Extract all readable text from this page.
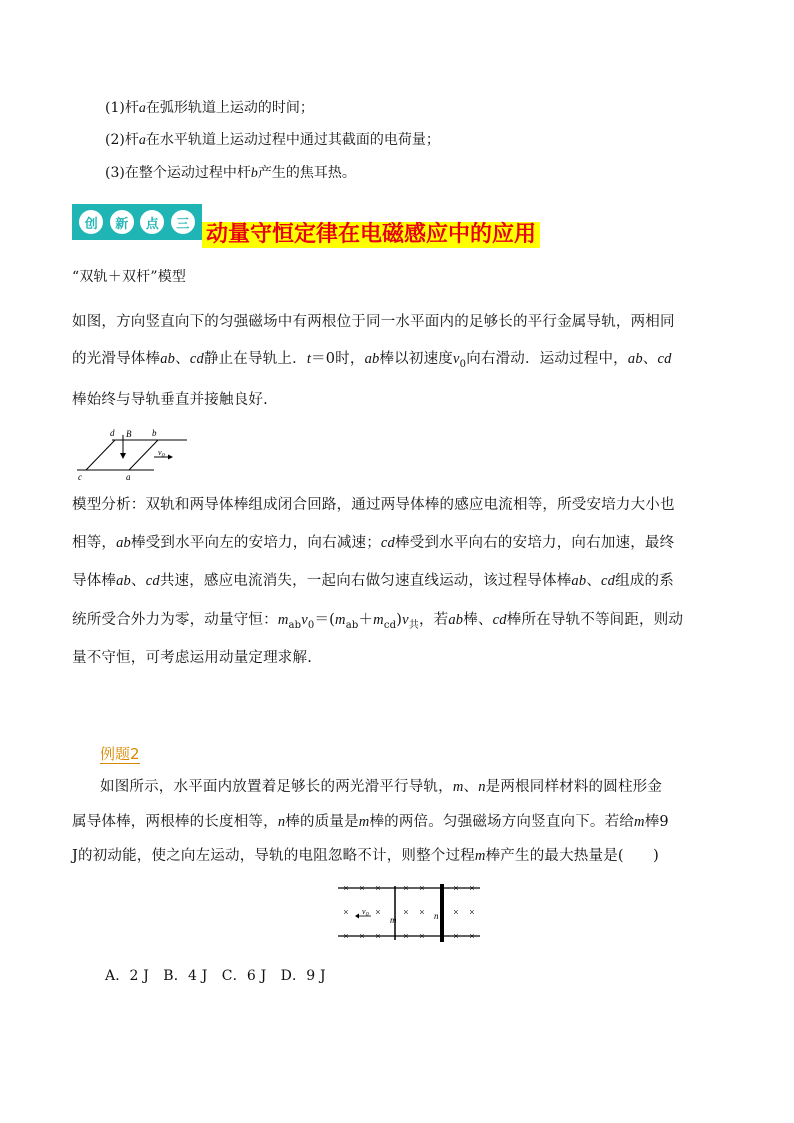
(1)杆a在弧形轨道上运动的时间；
(2)杆a在水平轨道上运动过程中通过其截面的电荷量；
(3)在整个运动过程中杆b产生的焦耳热。
创	新	点	三 动量守恒定律在电磁感应中的应用
“双轨＋双杆”模型
如图，方向竖直向下的匀强磁场中有两根位于同一水平面内的足够长的平行金属导轨，两相同
的光滑导体棒ab、cd静止在导轨上．t＝0时，ab棒以初速度$v_0$向右滑动．运动过程中，ab、cd
棒始终与导轨垂直并接触良好.
d B b
$v_0$
c	a
模型分析：双轨和两导体棒组成闭合回路，通过两导体棒的感应电流相等，所受安培力大小也
相等，ab棒受到水平向左的安培力，向右减速；cd棒受到水平向右的安培力，向右加速，最终
导体棒ab、cd共速，感应电流消失，一起向右做匀速直线运动，该过程导体棒ab、cd组成的系
统所受合外力为零，动量守恒：$m_{ab}v_0=(m_{ab}+m_{cd})v_共$，若ab棒、cd棒所在导轨不等间距，则动
量不守恒，可考虑运用动量定理求解.
例题2
如图所示，水平面内放置着足够长的两光滑平行导轨，m、n是两根同样材料的圆柱形金
属导体棒，两根棒的长度相等，n棒的质量是m棒的两倍。匀强磁场方向竖直向下。若给m棒9
J的初动能，使之向左运动，导轨的电阻忽略不计，则整个过程m棒产生的最大热量是(　　)
× × × × ×	× ×
×	× × ×	× ×
× × × × ×	× ×
$v_0$ m	n
A．2 J　B．4 J　C．6 J　D．9 J
